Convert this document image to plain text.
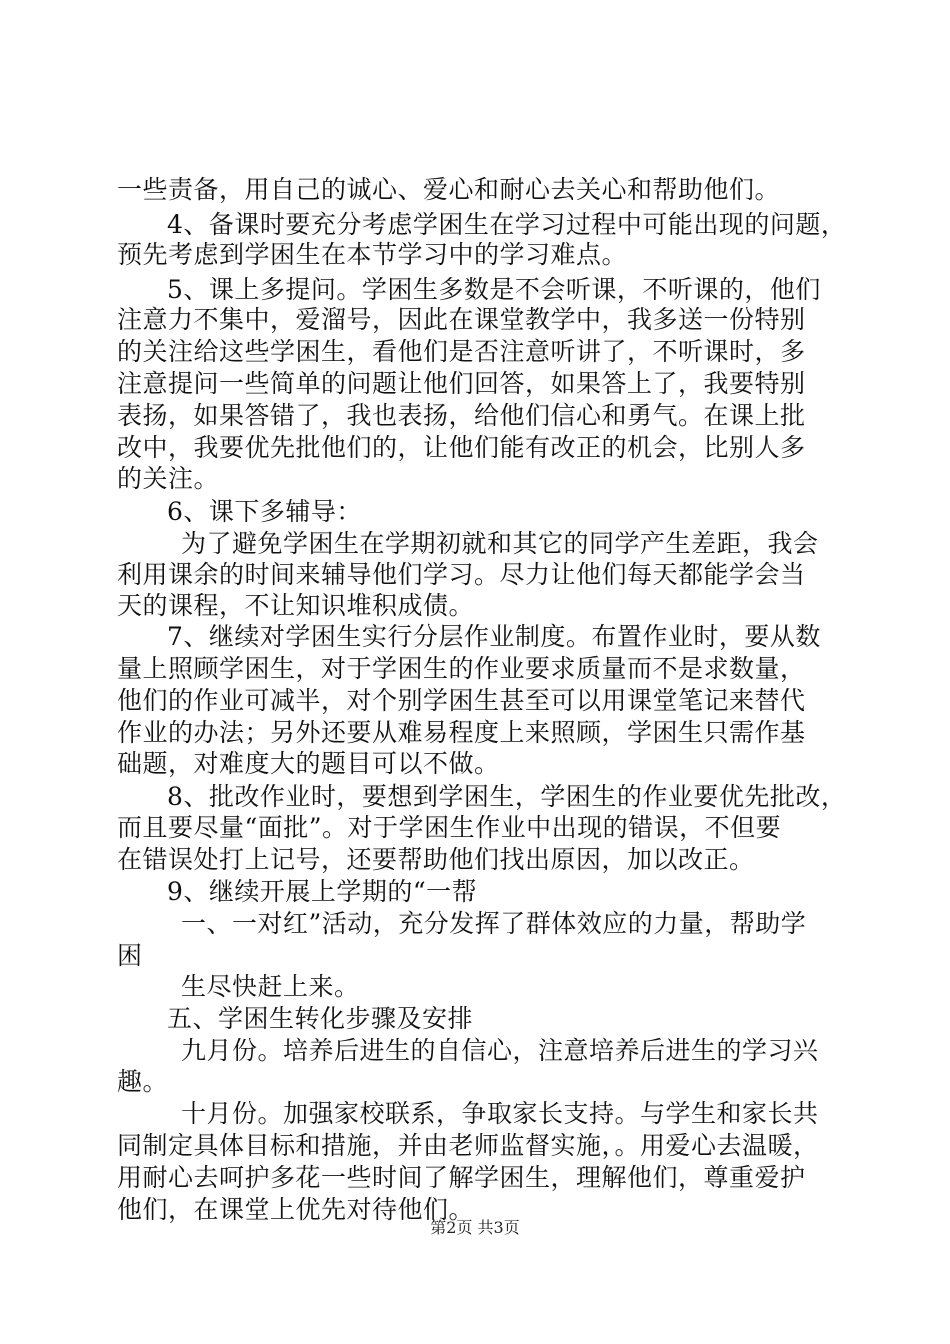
一些责备，用自己的诚心、爱心和耐心去关心和帮助他们。
4、备课时要充分考虑学困生在学习过程中可能出现的问题，
预先考虑到学困生在本节学习中的学习难点。
5、课上多提问。学困生多数是不会听课，不听课的，他们
注意力不集中，爱溜号，因此在课堂教学中，我多送一份特别
的关注给这些学困生，看他们是否注意听讲了，不听课时，多
注意提问一些简单的问题让他们回答，如果答上了，我要特别
表扬，如果答错了，我也表扬，给他们信心和勇气。在课上批
改中，我要优先批他们的，让他们能有改正的机会，比别人多
的关注。
6、课下多辅导：
为了避免学困生在学期初就和其它的同学产生差距，我会
利用课余的时间来辅导他们学习。尽力让他们每天都能学会当
天的课程，不让知识堆积成债。
7、继续对学困生实行分层作业制度。布置作业时，要从数
量上照顾学困生，对于学困生的作业要求质量而不是求数量，
他们的作业可减半，对个别学困生甚至可以用课堂笔记来替代
作业的办法；另外还要从难易程度上来照顾，学困生只需作基
础题，对难度大的题目可以不做。
8、批改作业时，要想到学困生，学困生的作业要优先批改，
而且要尽量“面批”。对于学困生作业中出现的错误，不但要
在错误处打上记号，还要帮助他们找出原因，加以改正。
9、继续开展上学期的“一帮
一、一对红”活动，充分发挥了群体效应的力量，帮助学
困
生尽快赶上来。
五、学困生转化步骤及安排
九月份。培养后进生的自信心，注意培养后进生的学习兴
趣。
十月份。加强家校联系，争取家长支持。与学生和家长共
同制定具体目标和措施，并由老师监督实施，。用爱心去温暖，
用耐心去呵护多花一些时间了解学困生，理解他们，尊重爱护
他们，在课堂上优先对待他们。
第2页 共3页
